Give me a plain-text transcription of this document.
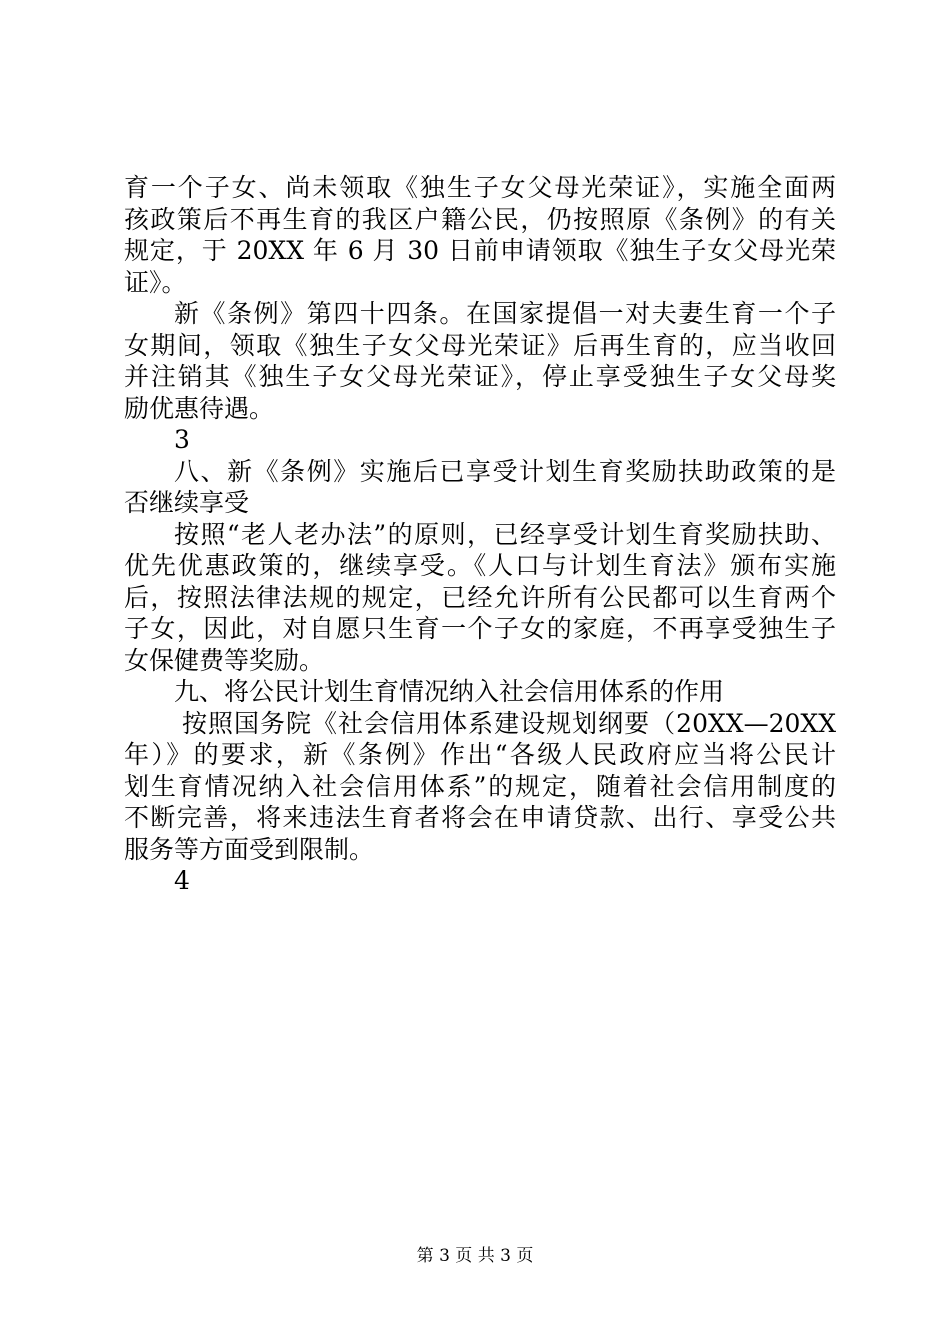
育一个子女、尚未领取《独生子女父母光荣证》，实施全面两
孩政策后不再生育的我区户籍公民，仍按照原《条例》的有关
规定，于 20XX 年 6 月 30 日前申请领取《独生子女父母光荣
证》。
新《条例》第四十四条。在国家提倡一对夫妻生育一个子
女期间，领取《独生子女父母光荣证》后再生育的，应当收回
并注销其《独生子女父母光荣证》，停止享受独生子女父母奖
励优惠待遇。
3
八、新《条例》实施后已享受计划生育奖励扶助政策的是
否继续享受
按照“老人老办法”的原则，已经享受计划生育奖励扶助、
优先优惠政策的，继续享受。《人口与计划生育法》颁布实施
后，按照法律法规的规定，已经允许所有公民都可以生育两个
子女，因此，对自愿只生育一个子女的家庭，不再享受独生子
女保健费等奖励。
九、将公民计划生育情况纳入社会信用体系的作用
按照国务院《社会信用体系建设规划纲要（20XX—20XX
年）》的要求，新《条例》作出“各级人民政府应当将公民计
划生育情况纳入社会信用体系”的规定，随着社会信用制度的
不断完善，将来违法生育者将会在申请贷款、出行、享受公共
服务等方面受到限制。
4
第 3 页 共 3 页
